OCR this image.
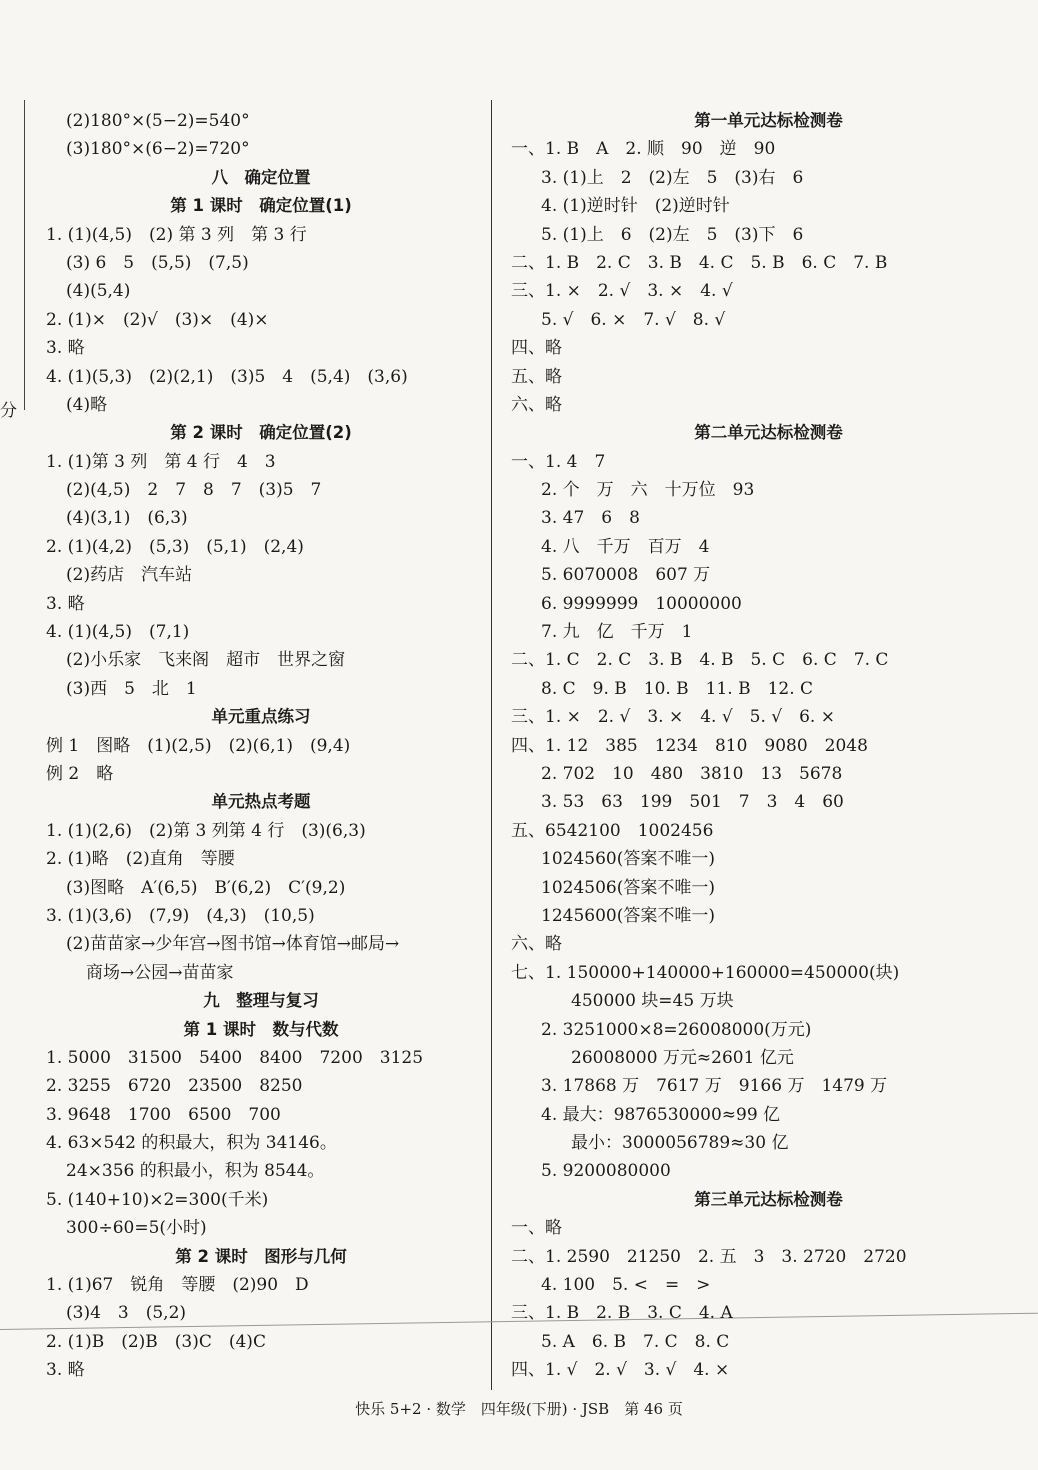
分
(2)180°×(5−2)=540°
(3)180°×(6−2)=720°
八　确定位置
第 1 课时　确定位置(1)
1. (1)(4,5)　(2) 第 3 列　第 3 行
(3) 6　5　(5,5)　(7,5)
(4)(5,4)
2. (1)×　(2)√　(3)×　(4)×
3. 略
4. (1)(5,3)　(2)(2,1)　(3)5　4　(5,4)　(3,6)
(4)略
第 2 课时　确定位置(2)
1. (1)第 3 列　第 4 行　4　3
(2)(4,5)　2　7　8　7　(3)5　7
(4)(3,1)　(6,3)
2. (1)(4,2)　(5,3)　(5,1)　(2,4)
(2)药店　汽车站
3. 略
4. (1)(4,5)　(7,1)
(2)小乐家　飞来阁　超市　世界之窗
(3)西　5　北　1
单元重点练习
例 1　图略　(1)(2,5)　(2)(6,1)　(9,4)
例 2　略
单元热点考题
1. (1)(2,6)　(2)第 3 列第 4 行　(3)(6,3)
2. (1)略　(2)直角　等腰
(3)图略　A′(6,5)　B′(6,2)　C′(9,2)
3. (1)(3,6)　(7,9)　(4,3)　(10,5)
(2)苗苗家→少年宫→图书馆→体育馆→邮局→
商场→公园→苗苗家
九　整理与复习
第 1 课时　数与代数
1. 5000　31500　5400　8400　7200　3125
2. 3255　6720　23500　8250
3. 9648　1700　6500　700
4. 63×542 的积最大，积为 34146。
24×356 的积最小，积为 8544。
5. (140+10)×2=300(千米)
300÷60=5(小时)
第 2 课时　图形与几何
1. (1)67　锐角　等腰　(2)90　D
(3)4　3　(5,2)
2. (1)B　(2)B　(3)C　(4)C
3. 略
第一单元达标检测卷
一、1. B　A　2. 顺　90　逆　90
3. (1)上　2　(2)左　5　(3)右　6
4. (1)逆时针　(2)逆时针
5. (1)上　6　(2)左　5　(3)下　6
二、1. B　2. C　3. B　4. C　5. B　6. C　7. B
三、1. ×　2. √　3. ×　4. √
5. √　6. ×　7. √　8. √
四、略
五、略
六、略
第二单元达标检测卷
一、1. 4　7
2. 个　万　六　十万位　93
3. 47　6　8
4. 八　千万　百万　4
5. 6070008　607 万
6. 9999999　10000000
7. 九　亿　千万　1
二、1. C　2. C　3. B　4. B　5. C　6. C　7. C
8. C　9. B　10. B　11. B　12. C
三、1. ×　2. √　3. ×　4. √　5. √　6. ×
四、1. 12　385　1234　810　9080　2048
2. 702　10　480　3810　13　5678
3. 53　63　199　501　7　3　4　60
五、6542100　1002456
1024560(答案不唯一)
1024506(答案不唯一)
1245600(答案不唯一)
六、略
七、1. 150000+140000+160000=450000(块)
450000 块=45 万块
2. 3251000×8=26008000(万元)
26008000 万元≈2601 亿元
3. 17868 万　7617 万　9166 万　1479 万
4. 最大：9876530000≈99 亿
最小：3000056789≈30 亿
5. 9200080000
第三单元达标检测卷
一、略
二、1. 2590　21250　2. 五　3　3. 2720　2720
4. 100　5. <　=　>
三、1. B　2. B　3. C　4. A
5. A　6. B　7. C　8. C
四、1. √　2. √　3. √　4. ×
快乐 5+2 · 数学　四年级(下册) · JSB　第 46 页
